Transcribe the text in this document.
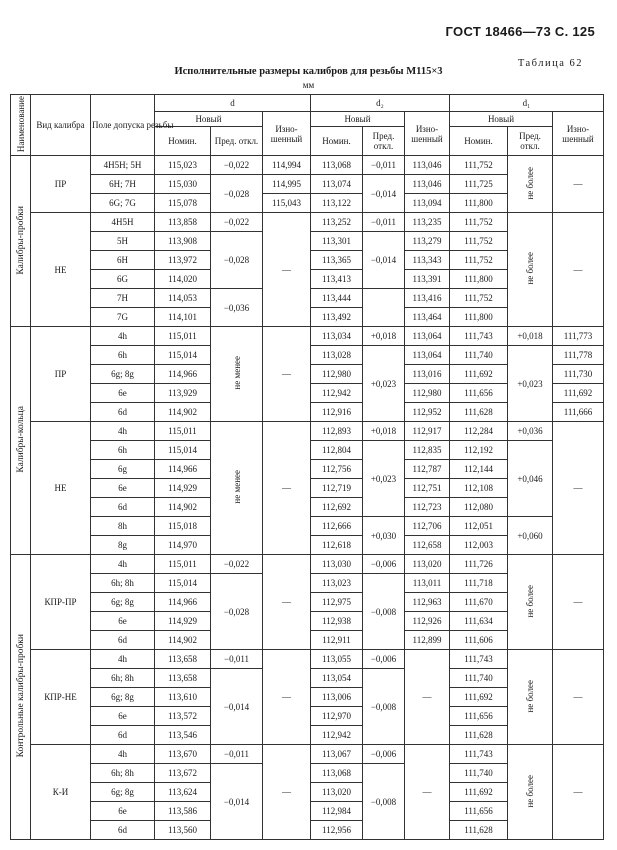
ГОСТ 18466—73 С. 125
Таблица 62
Исполнительные размеры калибров для резьбы М115×3
мм
Наименование	Вид калибра	Поле допуска резьбы	d			d₂			d₁		
			Новый		Изно- шенный	Новый		Изно- шенный	Новый		Изно- шенный
			Номин.	Пред. откл.		Номин.	Пред. откл.		Номин.	Пред. откл.	
Калибры-пробки	ПР	4Н5Н; 5Н	115,023	−0,022	114,994	113,068	−0,011	113,046	111,752	не более	—
		6Н; 7Н	115,030	−0,028	114,995	113,074	−0,014	113,046	111,725		
		6G; 7G	115,078		115,043	113,122		113,094	111,800		
	НЕ	4Н5Н	113,858	−0,022	—	113,252	−0,011	113,235	111,752	не более	—
		5Н	113,908	−0,028		113,301	−0,014	113,279	111,752		
		6Н	113,972			113,365		113,343	111,752		
		6G	114,020			113,413		113,391	111,800		
		7Н	114,053	−0,036		113,444		113,416	111,752		
		7G	114,101			113,492		113,464	111,800		
Калибры-кольца	ПР	4h	115,011	не менее	—	113,034	+0,018	113,064	111,743	+0,018	111,773
		6h	115,014			113,028	+0,023	113,064	111,740	+0,023	111,778
		6g; 8g	114,966			112,980		113,016	111,692		111,730
		6e	113,929			112,942		112,980	111,656		111,692
		6d	114,902			112,916		112,952	111,628		111,666
	НЕ	4h	115,011	не менее	—	112,893	+0,018	112,917	112,284	+0,036	—
		6h	115,014			112,804	+0,023	112,835	112,192	+0,046	
		6g	114,966			112,756		112,787	112,144		
		6e	114,929			112,719		112,751	112,108		
		6d	114,902			112,692		112,723	112,080		
		8h	115,018			112,666	+0,030	112,706	112,051	+0,060	
		8g	114,970			112,618		112,658	112,003		
Контрольные калибры-пробки	КПР-ПР	4h	115,011	−0,022	—	113,030	−0,006	113,020	111,726	не более	—
		6h; 8h	115,014	−0,028		113,023	−0,008	113,011	111,718		
		6g; 8g	114,966			112,975		112,963	111,670		
		6e	114,929			112,938		112,926	111,634		
		6d	114,902			112,911		112,899	111,606		
	КПР-НЕ	4h	113,658	−0,011	—	113,055	−0,006	—	111,743	не более	—
		6h; 8h	113,658	−0,014		113,054	−0,008		111,740		
		6g; 8g	113,610			113,006			111,692		
		6e	113,572			112,970			111,656		
		6d	113,546			112,942			111,628		
	К-И	4h	113,670	−0,011	—	113,067	−0,006	—	111,743	не более	—
		6h; 8h	113,672	−0,014		113,068	−0,008		111,740		
		6g; 8g	113,624			113,020			111,692		
		6e	113,586			112,984			111,656		
		6d	113,560			112,956			111,628		
